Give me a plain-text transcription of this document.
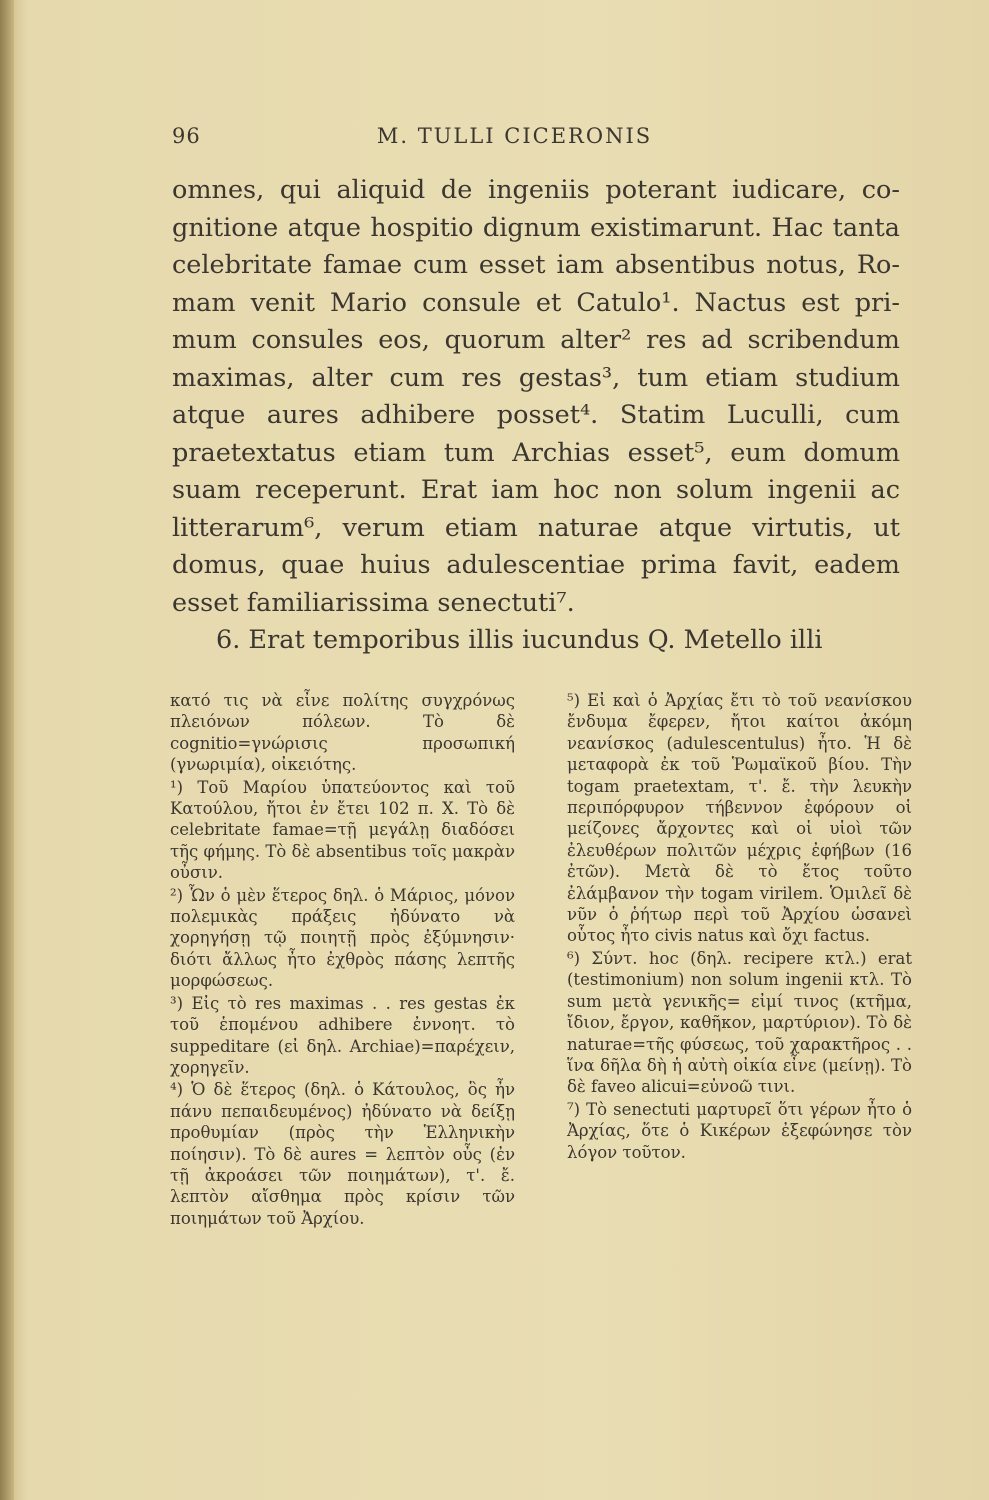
96	M. TULLI CICERONIS
omnes, qui aliquid de ingeniis poterant iudicare, co-
gnitione atque hospitio dignum existimarunt. Hac tanta
celebritate famae cum esset iam absentibus notus, Ro-
mam venit Mario consule et Catulo¹. Nactus est pri-
mum consules eos, quorum alter² res ad scribendum
maximas, alter cum res gestas³, tum etiam studium
atque aures adhibere posset⁴. Statim Luculli, cum
praetextatus etiam tum Archias esset⁵, eum domum
suam receperunt. Erat iam hoc non solum ingenii ac
litterarum⁶, verum etiam naturae atque virtutis, ut
domus, quae huius adulescentiae prima favit, eadem
esset familiarissima senectuti⁷.
6. Erat temporibus illis iucundus Q. Metello illi

κατό τις νὰ εἶνε πολίτης συγχρόνως πλειόνων πόλεων. Τὸ δὲ cognitio=γνώρισις προσωπική (γνωριμία), οἰκειότης.

¹) Τοῦ Μαρίου ὑπατεύοντος καὶ τοῦ Κατούλου, ἤτοι ἐν ἔτει 102 π. Χ. Τὸ δὲ celebritate famae=τῇ μεγάλῃ διαδόσει τῆς φήμης. Τὸ δὲ absentibus τοῖς μακρὰν οὖσιν.

²) Ὧν ὁ μὲν ἕτερος δηλ. ὁ Μάριος, μόνον πολεμικὰς πράξεις ἠδύνατο νὰ χορηγήσῃ τῷ ποιητῇ πρὸς ἐξύμνησιν· διότι ἄλλως ἦτο ἐχθρὸς πάσης λεπτῆς μορφώσεως.

³) Εἰς τὸ res maximas . . res gestas ἐκ τοῦ ἑπομένου adhibere ἐννοητ. τὸ suppeditare (εἰ δηλ. Archiae)=παρέχειν, χορηγεῖν.

⁴) Ὁ δὲ ἕτερος (δηλ. ὁ Κάτουλος, ὃς ἦν πάνυ πεπαιδευμένος) ἠδύνατο νὰ δείξῃ προθυμίαν (πρὸς τὴν Ἑλληνικὴν ποίησιν). Τὸ δὲ aures = λεπτὸν οὖς (ἐν τῇ ἀκροάσει τῶν ποιημάτων), τ'. ἔ. λεπτὸν αἴσθημα πρὸς κρίσιν τῶν ποιημάτων τοῦ Ἀρχίου.

⁵) Εἰ καὶ ὁ Ἀρχίας ἔτι τὸ τοῦ νεανίσκου ἔνδυμα ἔφερεν, ἤτοι καίτοι ἀκόμη νεανίσκος (adulescentulus) ἦτο. Ἡ δὲ μεταφορὰ ἐκ τοῦ Ῥωμαϊκοῦ βίου. Τὴν togam praetextam, τ'. ἔ. τὴν λευκὴν περιπόρφυρον τήβεννον ἐφόρουν οἱ μείζονες ἄρχοντες καὶ οἱ υἱοὶ τῶν ἐλευθέρων πολιτῶν μέχρις ἐφήβων (16 ἐτῶν). Μετὰ δὲ τὸ ἔτος τοῦτο ἐλάμβανον τὴν togam virilem. Ὁμιλεῖ δὲ νῦν ὁ ῥήτωρ περὶ τοῦ Ἀρχίου ὡσανεὶ οὗτος ἦτο civis natus καὶ ὄχι factus.

⁶) Σύντ. hoc (δηλ. recipere κτλ.) erat (testimonium) non solum ingenii κτλ. Τὸ sum μετὰ γενικῆς= εἰμί τινος (κτῆμα, ἴδιον, ἔργον, καθῆκον, μαρτύριον). Τὸ δὲ naturae=τῆς φύσεως, τοῦ χαρακτῆρος . . ἵνα δῆλα δὴ ἡ αὐτὴ οἰκία εἶνε (μείνῃ). Τὸ δὲ faveo alicui=εὐνοῶ τινι.

⁷) Τὸ senectuti μαρτυρεῖ ὅτι γέρων ἦτο ὁ Ἀρχίας, ὅτε ὁ Κικέρων ἐξεφώνησε τὸν λόγον τοῦτον.
